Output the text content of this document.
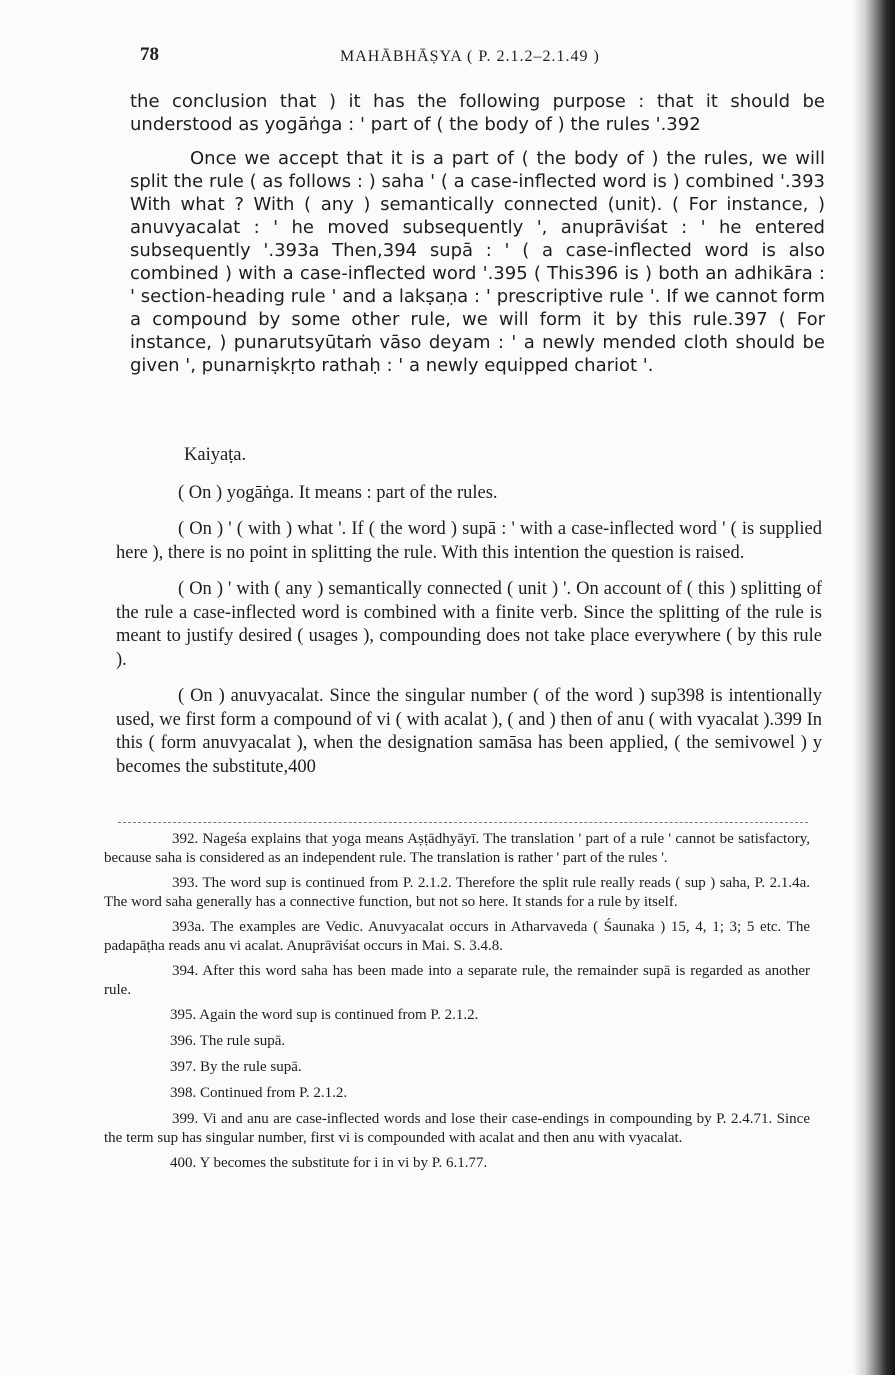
78	MAHĀBHĀṢYA ( P. 2.1.2–2.1.49 )

the conclusion that ) it has the following purpose : that it should be understood as yogāṅga : ' part of ( the body of ) the rules '.392

Once we accept that it is a part of ( the body of ) the rules, we will split the rule ( as follows : ) saha ' ( a case-inflected word is ) combined '.393 With what ? With ( any ) semantically connected (unit). ( For instance, ) anuvyacalat : ' he moved subsequently ', anuprāviśat : ' he entered subsequently '.393a Then,394 supā : ' ( a case-inflected word is also combined ) with a case-inflected word '.395 ( This396 is ) both an adhikāra : ' section-heading rule ' and a lakṣaṇa : ' prescriptive rule '. If we cannot form a compound by some other rule, we will form it by this rule.397 ( For instance, ) punarutsyūtaṁ vāso deyam : ' a newly mended cloth should be given ', punarniṣkṛto rathaḥ : ' a newly equipped chariot '.

Kaiyaṭa.

( On ) yogāṅga. It means : part of the rules.

( On ) ' ( with ) what '. If ( the word ) supā : ' with a case-inflected word ' ( is supplied here ), there is no point in splitting the rule. With this intention the question is raised.

( On ) ' with ( any ) semantically connected ( unit ) '. On account of ( this ) splitting of the rule a case-inflected word is combined with a finite verb. Since the splitting of the rule is meant to justify desired ( usages ), compounding does not take place everywhere ( by this rule ).

( On ) anuvyacalat. Since the singular number ( of the word ) sup398 is intentionally used, we first form a compound of vi ( with acalat ), ( and ) then of anu ( with vyacalat ).399 In this ( form anuvyacalat ), when the designation samāsa has been applied, ( the semivowel ) y becomes the substitute,400

392. Nageśa explains that yoga means Aṣṭādhyāyī. The translation ' part of a rule ' cannot be satisfactory, because saha is considered as an independent rule. The translation is rather ' part of the rules '.

393. The word sup is continued from P. 2.1.2. Therefore the split rule really reads ( sup ) saha, P. 2.1.4a. The word saha generally has a connective function, but not so here. It stands for a rule by itself.

393a. The examples are Vedic. Anuvyacalat occurs in Atharvaveda ( Śaunaka ) 15, 4, 1; 3; 5 etc. The padapāṭha reads anu vi acalat. Anuprāviśat occurs in Mai. S. 3.4.8.

394. After this word saha has been made into a separate rule, the remainder supā is regarded as another rule.

395. Again the word sup is continued from P. 2.1.2.

396. The rule supā.

397. By the rule supā.

398. Continued from P. 2.1.2.

399. Vi and anu are case-inflected words and lose their case-endings in compounding by P. 2.4.71. Since the term sup has singular number, first vi is compounded with acalat and then anu with vyacalat.

400. Y becomes the substitute for i in vi by P. 6.1.77.
